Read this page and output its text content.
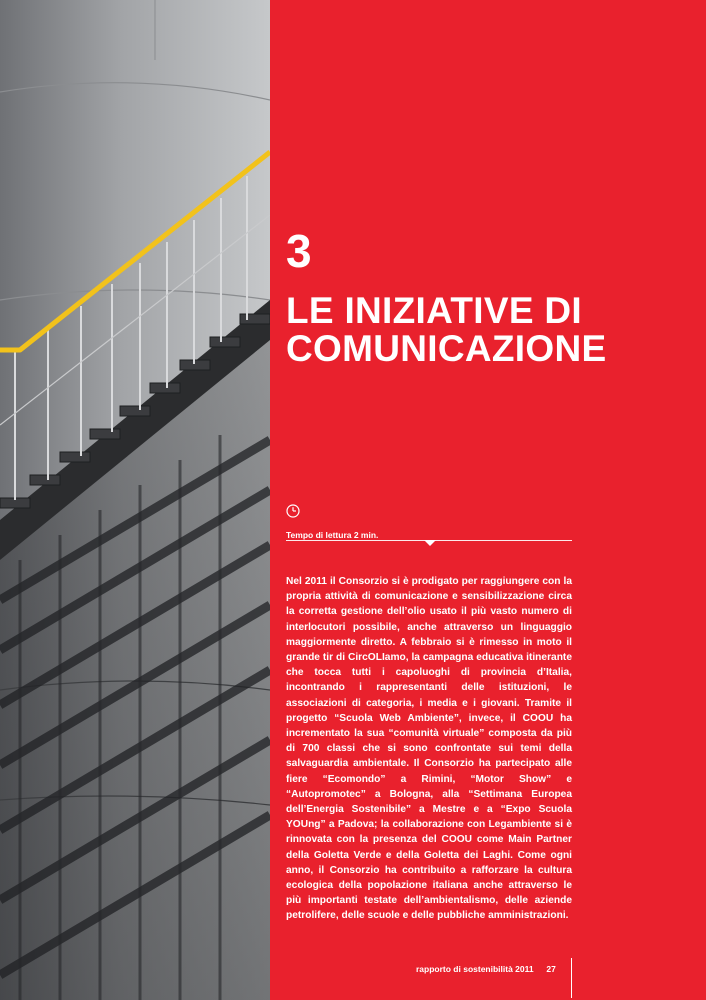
3
LE INIZIATIVE DI COMUNICAZIONE
Tempo di lettura 2 min.
Nel 2011 il Consorzio si è prodigato per raggiungere con la propria attività di comunicazione e sensibilizzazione circa la corretta gestione dell’olio usato il più vasto numero di interlocutori possibile, anche attraverso un linguaggio maggiormente diretto. A febbraio si è rimesso in moto il grande tir di CircOLIamo, la campagna educativa itinerante che tocca tutti i capoluoghi di provincia d’Italia, incontrando i rappresentanti delle istituzioni, le associazioni di categoria, i media e i giovani. Tramite il progetto “Scuola Web Ambiente”, invece, il COOU ha incrementato la sua “comunità virtuale” composta da più di 700 classi che si sono confrontate sui temi della salvaguardia ambientale. Il Consorzio ha partecipato alle fiere “Ecomondo” a Rimini, “Motor Show” e “Autopromotec” a Bologna, alla “Settimana Europea dell’Energia Sostenibile” a Mestre e a “Expo Scuola YOUng” a Padova; la collaborazione con Legambiente si è rinnovata con la presenza del COOU come Main Partner della Goletta Verde e della Goletta dei Laghi. Come ogni anno, il Consorzio ha contribuito a rafforzare la cultura ecologica della popolazione italiana anche attraverso le più importanti testate dell’ambientalismo, delle aziende petrolifere, delle scuole e delle pubbliche amministrazioni.
rapporto di sostenibilità 2011 27
